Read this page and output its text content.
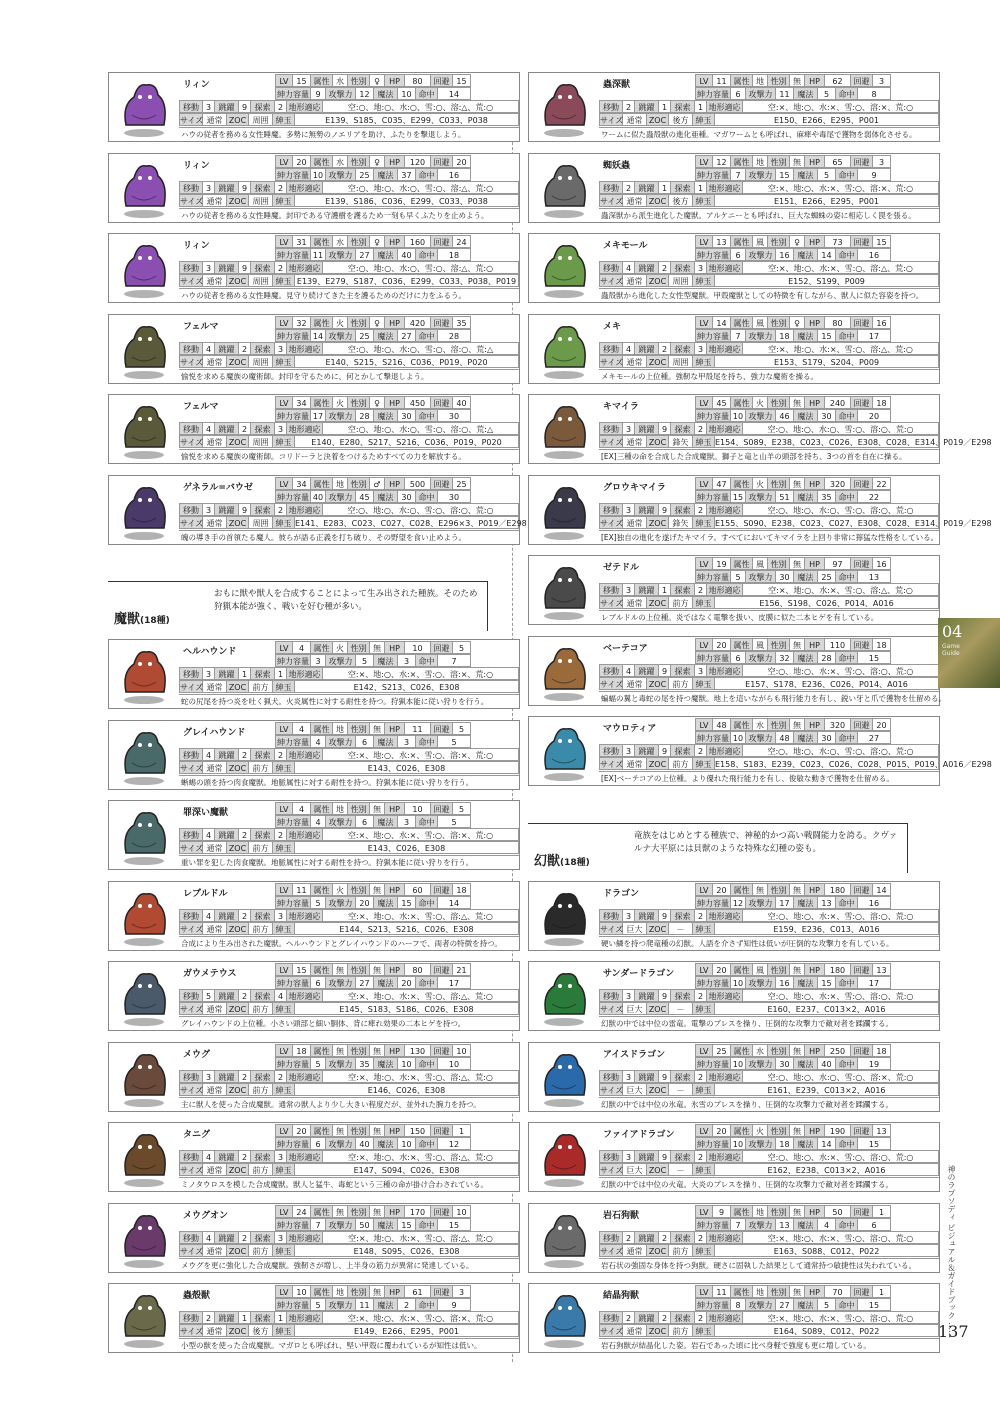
リィン	LV 15 属性 水 性別 ♀	HP	80	回避 15
紳力容量 9 攻撃力 12 魔法 10 命中	14
移動 3 跳躍 9 探索 2 地形適応	空:○、地:○、水:○、雪:○、溶:△、荒:○
サイズ 通常 ZOC 周囲 紳玉	E139、S185、C035、E299、C033、P038
ハウの従者を務める女性睡魔。多勢に無勢のノエリアを助け、ふたりを撃退しよう。
リィン	LV 20 属性 水 性別 ♀	HP	120	回避 20
紳力容量 10 攻撃力 25 魔法 37 命中	16
移動 3 跳躍 9 探索 2 地形適応	空:○、地:○、水:○、雪:○、溶:△、荒:○
サイズ 通常 ZOC 周囲 紳玉	E139、S186、C036、E299、C033、P038
ハウの従者を務める女性睡魔。封印である守護樹を護るため一刻も早くふたりを止めよう。
リィン	LV 31 属性 水 性別 ♀	HP	160	回避 24
紳力容量 11 攻撃力 27 魔法 40 命中	18
移動 3 跳躍 9 探索 2 地形適応	空:○、地:○、水:○、雪:○、溶:△、荒:○
サイズ 通常 ZOC 周囲 紳玉 E139、E279、S187、C036、E299、C033、P038、P019
ハウの従者を務める女性睡魔。見守り続けてきた主を護るためのだけに力をふるう。
フェルマ	LV 32 属性 火 性別 ♀	HP	420	回避 35
紳力容量 14 攻撃力 25 魔法 27 命中	28
移動 4 跳躍 2 探索 3 地形適応	空:○、地:○、水:○、雪:○、溶:○、荒:△
サイズ 通常 ZOC 周囲 紳玉	E140、S215、S216、C036、P019、P020
愉悦を求める魔族の魔術師。封印を守るために、何とかして撃退しよう。
フェルマ	LV 34 属性 火 性別 ♀	HP	450	回避 40
紳力容量 17 攻撃力 28 魔法 30 命中	30
移動 4 跳躍 2 探索 3 地形適応	空:○、地:○、水:○、雪:○、溶:○、荒:△
サイズ 通常 ZOC 周囲 紳玉	E140、E280、S217、S216、C036、P019、P020
愉悦を求める魔族の魔術師。コリドーラと決着をつけるためすべての力を解放する。
ゲネラル=バウゼ	LV 34 属性 地 性別 ♂	HP	500	回避 25
紳力容量 40 攻撃力 45 魔法 30 命中	30
移動 3 跳躍 9 探索 2 地形適応	空:○、地:○、水:○、雪:○、溶:○、荒:○
サイズ 通常 ZOC 周囲 紳玉 E141、E283、C023、C027、C028、E296×3、P019／E298
魄の導き手の首領たる魔人。彼らが語る正義を打ち破り、その野望を食い止めよう。
魔獣(18種)
おもに獣や獣人を合成することによって生み出された種族。そのため狩猟本能が強く、戦いを好む種が多い。
ヘルハウンド	LV	4	属性 火 性別 無	HP	10	回避	5
紳力容量 3 攻撃力	5	魔法	3	命中	7
移動 3 跳躍 1 探索 1 地形適応	空:×、地:○、水:×、雪:○、溶:×、荒:○
サイズ 通常 ZOC 前方 紳玉	E142、S213、C026、E308
蛇の尻尾を持つ炎を吐く猟犬。火炎属性に対する耐性を持つ。狩猟本能に従い狩りを行う。
グレイハウンド	LV	4	属性 地 性別 無	HP	11	回避	5
紳力容量 4 攻撃力	6	魔法	3	命中	5
移動 4 跳躍 2 探索 2 地形適応	空:×、地:○、水:×、雪:○、溶:×、荒:○
サイズ 通常 ZOC 前方 紳玉	E143、C026、E308
蜥蜴の頭を持つ肉食魔獣。地脈属性に対する耐性を持つ。狩猟本能に従い狩りを行う。
罪深い魔獣	LV	4	属性 地 性別 無	HP	10	回避	5
紳力容量 4 攻撃力	6	魔法	3	命中	5
移動 4 跳躍 2 探索 2 地形適応	空:×、地:○、水:×、雪:○、溶:×、荒:○
サイズ 通常 ZOC 前方 紳玉	E143、C026、E308
重い罪を犯した肉食魔獣。地脈属性に対する耐性を持つ。狩猟本能に従い狩りを行う。
レブルドル	LV 11 属性 火 性別 無	HP	60	回避 18
紳力容量 5 攻撃力 20 魔法 15 命中	14
移動 4 跳躍 2 探索 3 地形適応	空:×、地:○、水:×、雪:○、溶:△、荒:○
サイズ 通常 ZOC 前方 紳玉	E144、S213、S216、C026、E308
合成により生み出された魔獣。ヘルハウンドとグレイハウンドのハーフで、両者の特徴を持つ。
ガウメテウス	LV 15 属性 無 性別 無	HP	80	回避 21
紳力容量 6 攻撃力 27 魔法 20 命中	17
移動 5 跳躍 2 探索 4 地形適応	空:×、地:○、水:×、雪:○、溶:△、荒:○
サイズ 通常 ZOC 前方 紳玉	E145、S183、S186、C026、E308
グレイハウンドの上位種。小さい頭部と細い胴体、背に痺れ効果の二本ヒゲを持つ。
メウグ	LV 18 属性 無 性別 無	HP	130	回避 10
紳力容量 5 攻撃力 35 魔法 10 命中	10
移動 3 跳躍 2 探索 2 地形適応	空:×、地:○、水:×、雪:○、溶:△、荒:○
サイズ 通常 ZOC 前方 紳玉	E146、C026、E308
主に獣人を使った合成魔獣。通常の獣人より少し大きい程度だが、並外れた腕力を持つ。
タニグ	LV 20 属性 無 性別 無	HP	150	回避	1
紳力容量 6 攻撃力 40 魔法 10 命中	12
移動 4 跳躍 2 探索 3 地形適応	空:×、地:○、水:×、雪:○、溶:△、荒:○
サイズ 通常 ZOC 前方 紳玉	E147、S094、C026、E308
ミノタウロスを模した合成魔獣。獣人と猛牛、毒蛇という三種の命が掛け合わされている。
メウグオン	LV 24 属性 無 性別 無	HP	170	回避 10
紳力容量 7 攻撃力 50 魔法 15 命中	15
移動 4 跳躍 2 探索 3 地形適応	空:×、地:○、水:×、雪:○、溶:△、荒:○
サイズ 通常 ZOC 前方 紳玉	E148、S095、C026、E308
メウグを更に強化した合成魔獣。強靭さが増し、上半身の筋力が異常に発達している。
蟲殻獣	LV 10 属性 地 性別 無	HP	61	回避	3
紳力容量 5 攻撃力 11 魔法	2	命中	9
移動 2 跳躍 1 探索 1 地形適応	空:×、地:○、水:×、雪:○、溶:×、荒:○
サイズ 通常 ZOC 後方 紳玉	E149、E266、E295、P001
小型の獣を使った合成魔獣。マガロとも呼ばれ、堅い甲殻に覆われているが知性は低い。
蟲深獣	LV 11 属性 地 性別 無	HP	62	回避	3
紳力容量 6 攻撃力 11 魔法	5	命中	8
移動 2 跳躍 1 探索 1 地形適応	空:×、地:○、水:×、雪:○、溶:×、荒:○
サイズ 通常 ZOC 後方 紳玉	E150、E266、E295、P001
ワームに似た蟲殻獣の進化亜種。マガワームとも呼ばれ、麻痺や毒尾で獲物を弱体化させる。
蜘妖蟲	LV 12 属性 地 性別 無	HP	65	回避	3
紳力容量 7 攻撃力 15 魔法	5	命中	9
移動 2 跳躍 1 探索 1 地形適応	空:×、地:○、水:×、雪:○、溶:×、荒:○
サイズ 通常 ZOC 後方 紳玉	E151、E266、E295、P001
蟲深獣から派生進化した魔獣。アルケニーとも呼ばれ、巨大な蜘蛛の姿に相応しく罠を張る。
メキモール	LV 13 属性 風 性別 ♀	HP	73	回避 15
紳力容量 6 攻撃力 16 魔法 14 命中	16
移動 4 跳躍 2 探索 3 地形適応	空:×、地:○、水:×、雪:○、溶:△、荒:○
サイズ 通常 ZOC 周囲 紳玉	E152、S199、P009
蟲殻獣から進化した女性型魔獣。甲殻魔獣としての特徴を有しながら、獣人に似た容姿を持つ。
メキ	LV 14 属性 風 性別 ♀	HP	80	回避 16
紳力容量 7 攻撃力 18 魔法 15 命中	17
移動 4 跳躍 2 探索 3 地形適応	空:×、地:○、水:×、雪:○、溶:△、荒:○
サイズ 通常 ZOC 周囲 紳玉	E153、S179、S204、P009
メキモールの上位種。強靭な甲殻尾を持ち、強力な魔術を操る。
キマイラ	LV 45 属性 火 性別 無	HP	240	回避 18
紳力容量 10 攻撃力 46 魔法 30 命中	20
移動 3 跳躍 9 探索 2 地形適応	空:○、地:○、水:○、雪:○、溶:○、荒:○
サイズ 通常 ZOC 鋒矢 紳玉 E154、S089、E238、C023、C026、E308、C028、E314、P019／E298
[EX]三種の命を合成した合成魔獣。獅子と竜と山羊の頭部を持ち、3つの首を自在に操る。
グロウキマイラ	LV 47 属性 火 性別 無	HP	320	回避 22
紳力容量 15 攻撃力 51 魔法 35 命中	22
移動 3 跳躍 9 探索 2 地形適応	空:○、地:○、水:○、雪:○、溶:○、荒:○
サイズ 通常 ZOC 鋒矢 紳玉 E155、S090、E238、C023、C027、E308、C028、E314、P019／E298
[EX]独自の進化を遂げたキマイラ。すべてにおいてキマイラを上回り非常に獰猛な性格をしている。
ゼテドル	LV 19 属性 風 性別 無	HP	97	回避 16
紳力容量 5 攻撃力 30 魔法 25 命中	13
移動 3 跳躍 1 探索 2 地形適応	空:×、地:○、水:×、雪:○、溶:△、荒:○
サイズ 通常 ZOC 前方 紳玉	E156、S198、C026、P014、A016
レブルドルの上位種。炎ではなく電撃を扱い、皮膜に似た二本ヒゲを有している。
ベーテコア	LV 20 属性 風 性別 無	HP	110	回避 18
紳力容量 6 攻撃力 32 魔法 28 命中	15
移動 4 跳躍 9 探索 3 地形適応	空:○、地:○、水:×、雪:○、溶:○、荒:○
サイズ 通常 ZOC 前方 紳玉	E157、S178、E236、C026、P014、A016
蝙蝠の翼と毒蛇の尾を持つ魔獣。地上を這いながらも飛行能力を有し、鋭い牙と爪で獲物を仕留める。
マウロティア	LV 48 属性 水 性別 無	HP	320	回避 20
紳力容量 10 攻撃力 48 魔法 30 命中	27
移動 3 跳躍 9 探索 2 地形適応	空:○、地:○、水:○、雪:○、溶:○、荒:○
サイズ 通常 ZOC 前方 紳玉 E158、S183、E239、C023、C026、C028、P015、P019、A016／E298
[EX]ベーテコアの上位種。より優れた飛行能力を有し、俊敏な動きで獲物を仕留める。
幻獣(18種)
竜族をはじめとする種族で、神秘的かつ高い戦闘能力を誇る。クヴァルナ大平原には貝獣のような特殊な幻種の姿も。
ドラゴン	LV 20 属性 無 性別 無	HP	180	回避 14
紳力容量 12 攻撃力 17 魔法 13 命中	16
移動 3 跳躍 9 探索 2 地形適応	空:○、地:○、水:×、雪:○、溶:○、荒:○
サイズ 巨大 ZOC	－	紳玉	E159、E236、C013、A016
硬い鱗を持つ爬竜種の幻獣。人語を介さず知性は低いが圧倒的な攻撃力を有している。
サンダードラゴン	LV 20 属性 風 性別 無	HP	180	回避 13
紳力容量 10 攻撃力 16 魔法 15 命中	17
移動 3 跳躍 9 探索 2 地形適応	空:○、地:○、水:×、雪:○、溶:○、荒:○
サイズ 巨大 ZOC	－	紳玉	E160、E237、C013×2、A016
幻獣の中では中位の雷竜。電撃のブレスを操り、圧倒的な攻撃力で敵対者を蹂躙する。
アイスドラゴン	LV 25 属性 水 性別 無	HP	250	回避 18
紳力容量 10 攻撃力 30 魔法 40 命中	19
移動 3 跳躍 9 探索 2 地形適応	空:○、地:○、水:○、雪:○、溶:×、荒:○
サイズ 巨大 ZOC	－	紳玉	E161、E239、C013×2、A016
幻獣の中では中位の氷竜。氷雪のブレスを操り、圧倒的な攻撃力で敵対者を蹂躙する。
ファイアドラゴン	LV 20 属性 火 性別 無	HP	190	回避 13
紳力容量 10 攻撃力 18 魔法 14 命中	15
移動 3 跳躍 9 探索 2 地形適応	空:○、地:○、水:×、雪:○、溶:○、荒:○
サイズ 巨大 ZOC	－	紳玉	E162、E238、C013×2、A016
幻獣の中では中位の火竜。大炎のブレスを操り、圧倒的な攻撃力で敵対者を蹂躙する。
岩石狗獣	LV	9	属性 地 性別 無	HP	50	回避	1
紳力容量 7 攻撃力 13 魔法	4	命中	6
移動 2 跳躍 2 探索 2 地形適応	空:×、地:○、水:×、雪:○、溶:○、荒:○
サイズ 通常 ZOC 前方 紳玉	E163、S088、C012、P022
岩石状の強固な身体を持つ狗獣。硬さに固執した結果として通常持つ敏捷性は失われている。
結晶狗獣	LV 11 属性 地 性別 無	HP	70	回避	1
紳力容量 8 攻撃力 27 魔法	5	命中	15
移動 2 跳躍 2 探索 2 地形適応	空:×、地:○、水:×、雪:○、溶:○、荒:○
サイズ 通常 ZOC 前方 紳玉	E164、S089、C012、P022
岩石狗獣が結晶化した姿。岩石であった頃に比べ身軽で強度も更に増している。
04
Game
Guide
神のラプソディ ビジュアル＆ガイドブック ……
137
